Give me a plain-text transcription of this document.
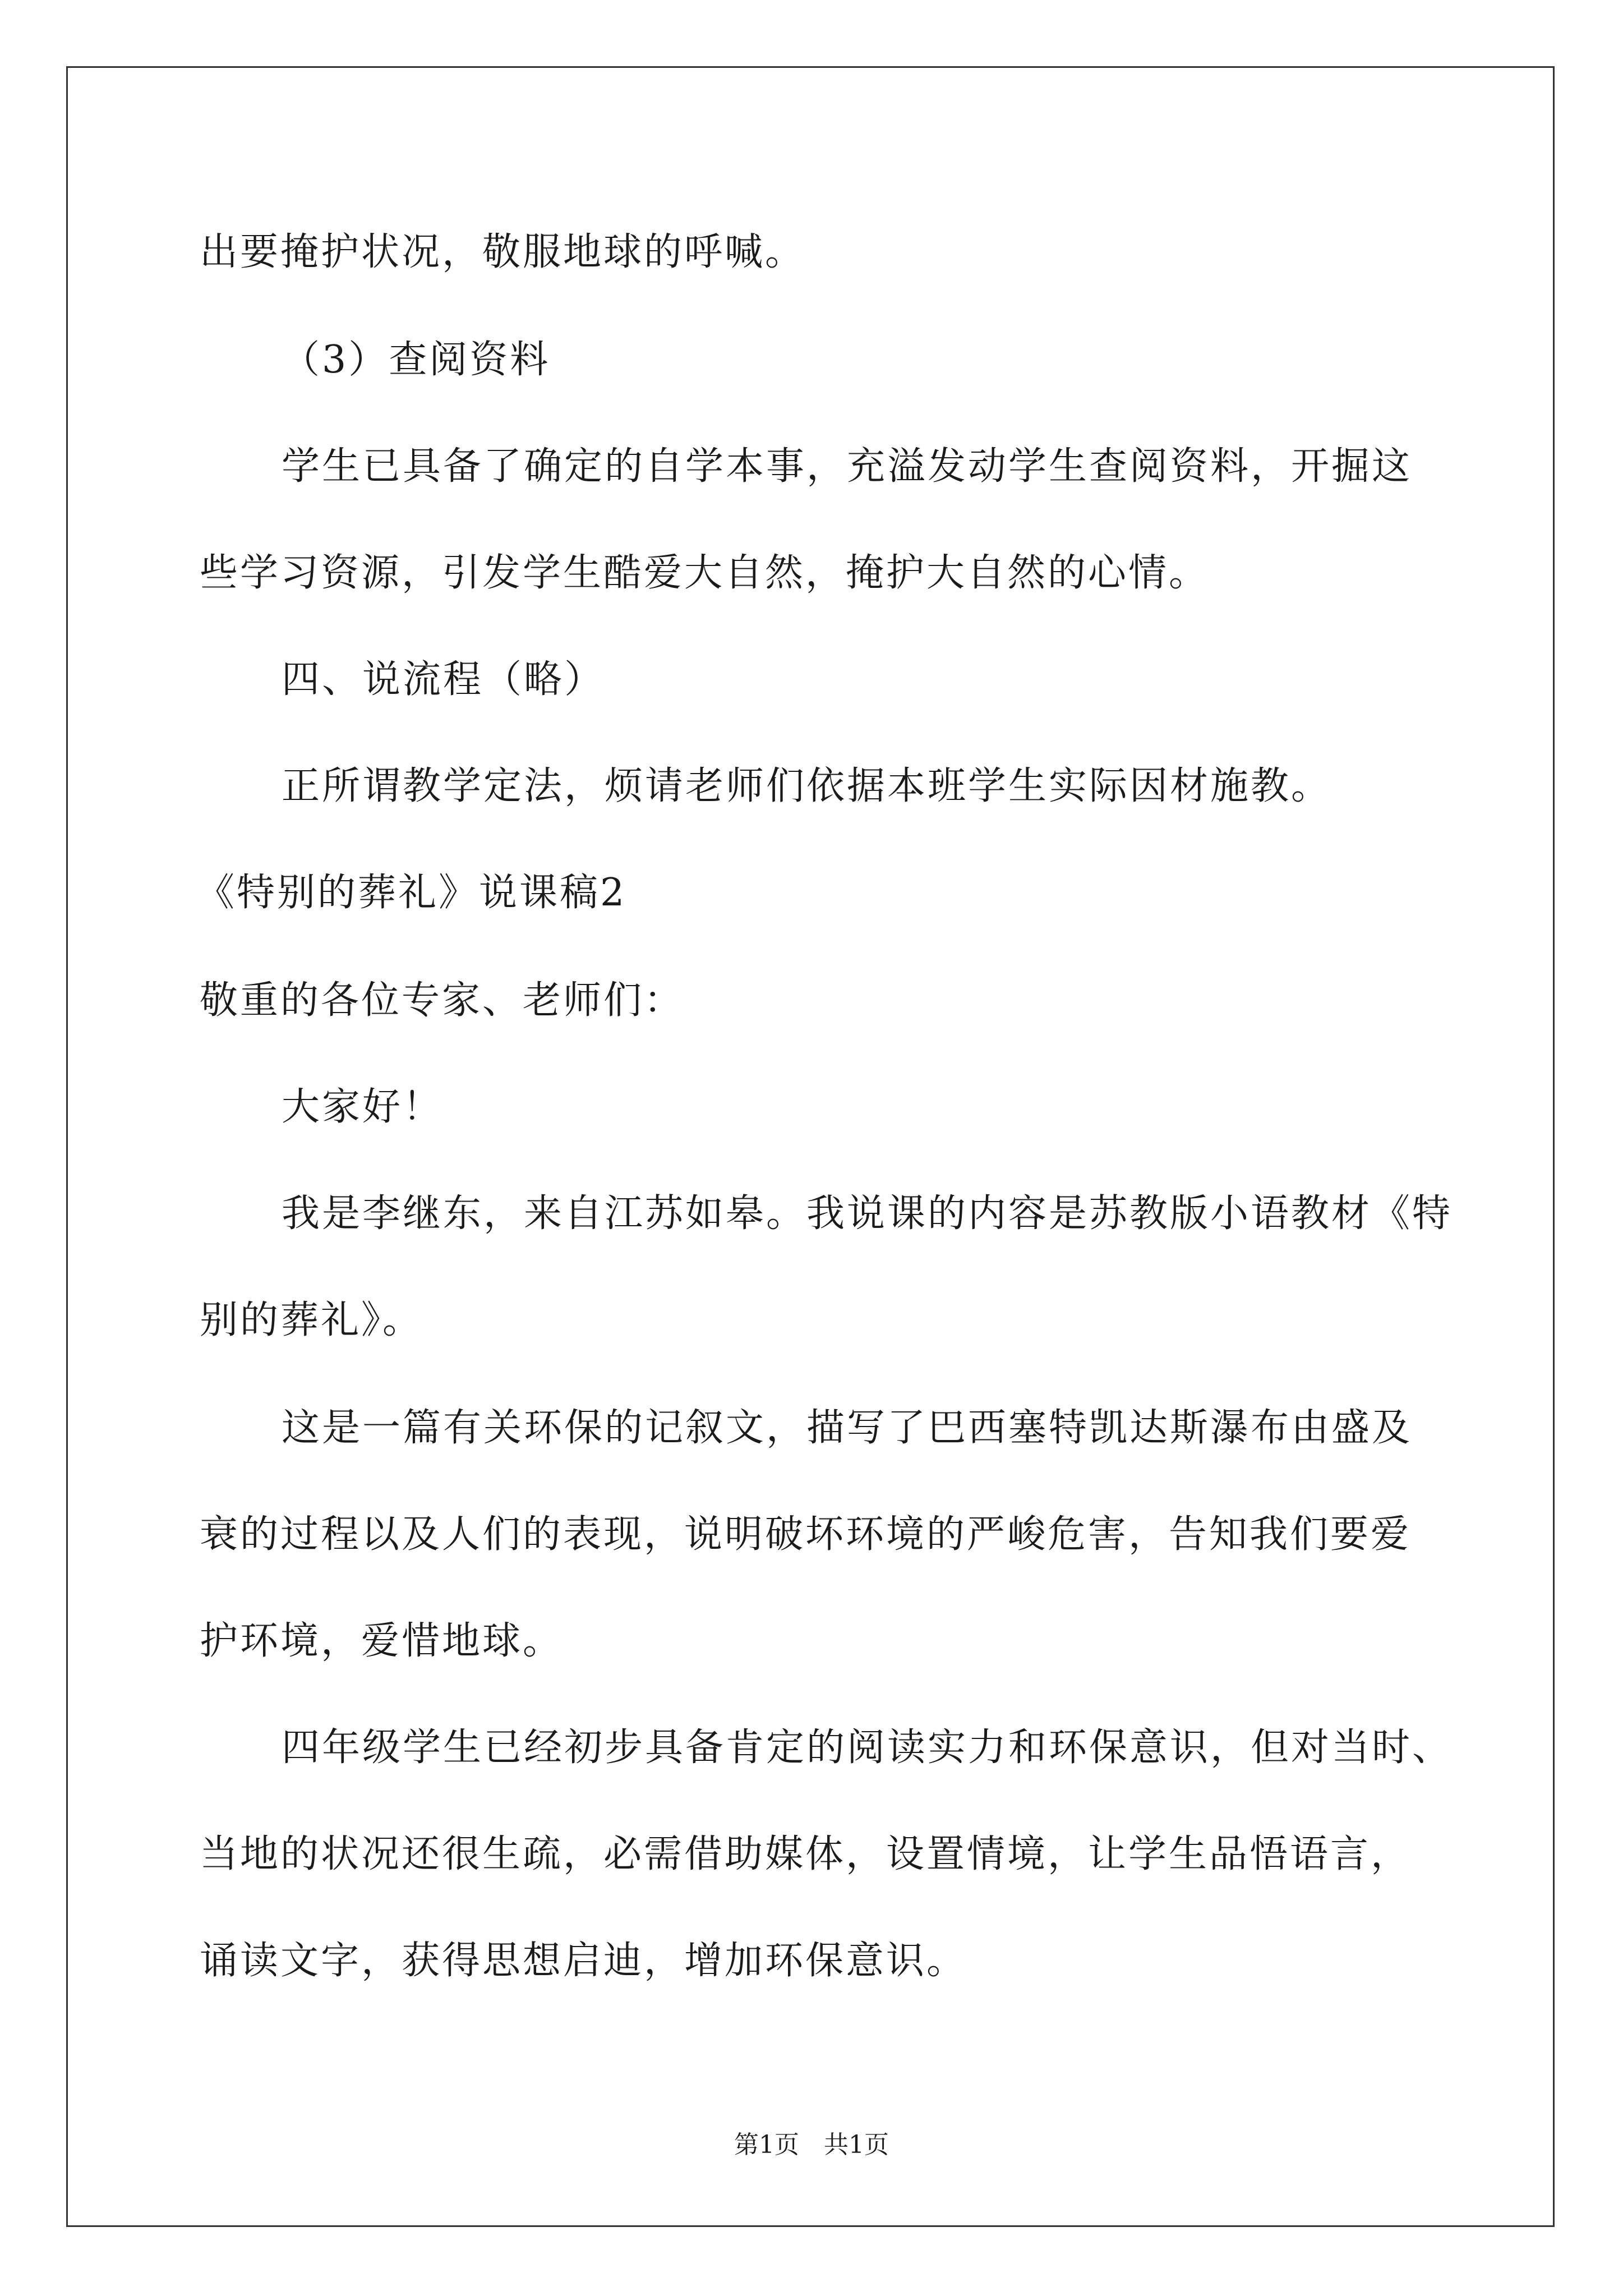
出要掩护状况，敬服地球的呼喊。
（3）查阅资料
学生已具备了确定的自学本事，充溢发动学生查阅资料，开掘这
些学习资源，引发学生酷爱大自然，掩护大自然的心情。
四、说流程（略）
正所谓教学定法，烦请老师们依据本班学生实际因材施教。
《特别的葬礼》说课稿2
敬重的各位专家、老师们：
大家好！
我是李继东，来自江苏如皋。我说课的内容是苏教版小语教材《特
别的葬礼》。
这是一篇有关环保的记叙文，描写了巴西塞特凯达斯瀑布由盛及
衰的过程以及人们的表现，说明破坏环境的严峻危害，告知我们要爱
护环境，爱惜地球。
四年级学生已经初步具备肯定的阅读实力和环保意识，但对当时、
当地的状况还很生疏，必需借助媒体，设置情境，让学生品悟语言，
诵读文字，获得思想启迪，增加环保意识。
第1页　共1页
